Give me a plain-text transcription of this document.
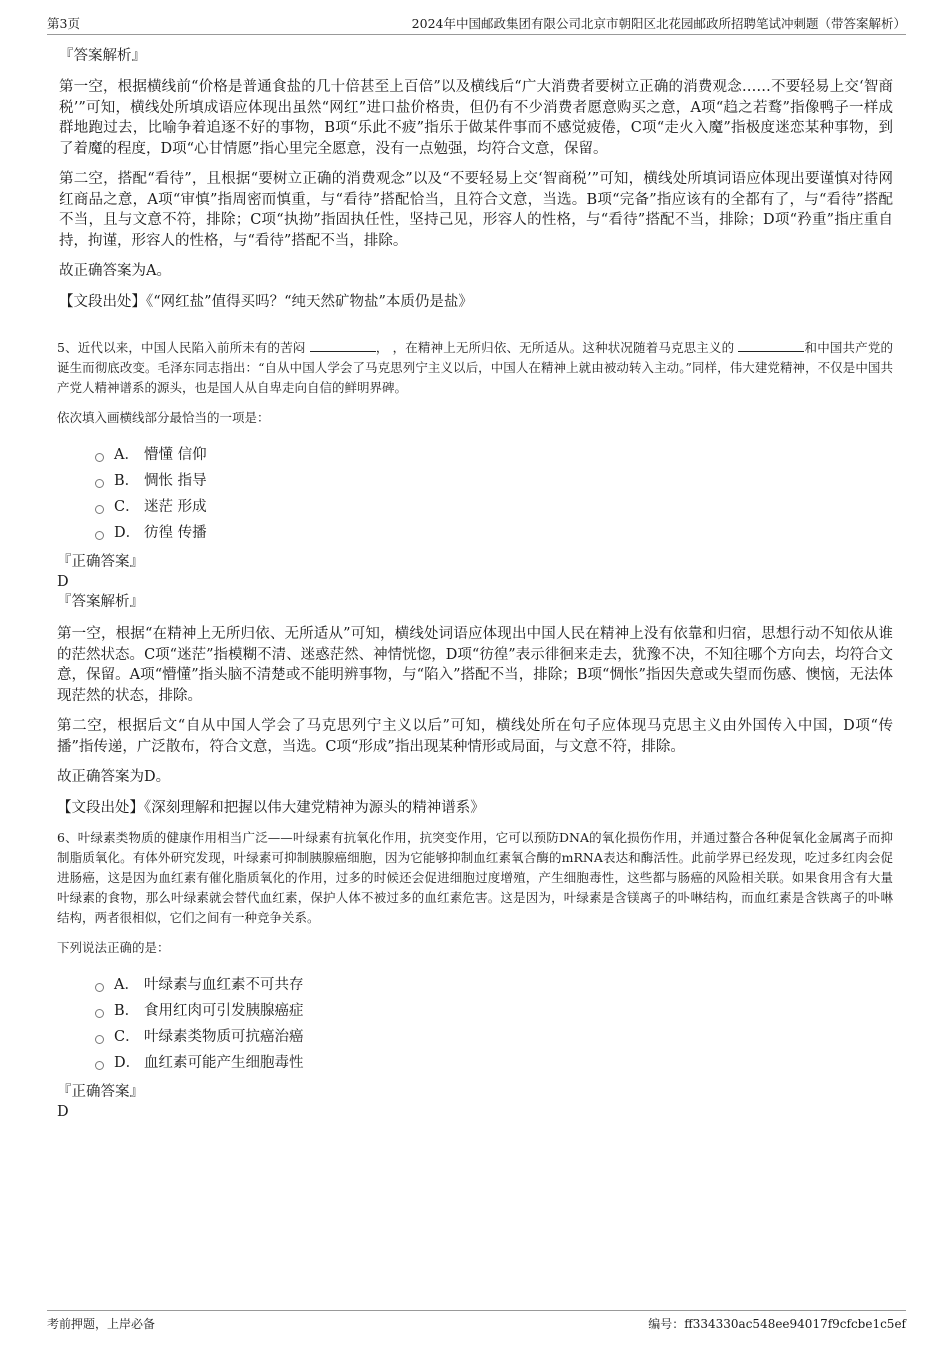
第3页	2024年中国邮政集团有限公司北京市朝阳区北花园邮政所招聘笔试冲刺题（带答案解析）

『答案解析』

第一空，根据横线前“价格是普通食盐的几十倍甚至上百倍”以及横线后“广大消费者要树立正确的消费观念……不要轻易上交‘智商税’”可知，横线处所填成语应体现出虽然“网红”进口盐价格贵，但仍有不少消费者愿意购买之意，A项“趋之若鹜”指像鸭子一样成群地跑过去，比喻争着追逐不好的事物，B项“乐此不疲”指乐于做某件事而不感觉疲倦，C项“走火入魔”指极度迷恋某种事物，到了着魔的程度，D项“心甘情愿”指心里完全愿意，没有一点勉强，均符合文意，保留。

第二空，搭配“看待”，且根据“要树立正确的消费观念”以及“不要轻易上交‘智商税’”可知，横线处所填词语应体现出要谨慎对待网红商品之意，A项“审慎”指周密而慎重，与“看待”搭配恰当，且符合文意，当选。B项“完备”指应该有的全都有了，与“看待”搭配不当，且与文意不符，排除；C项“执拗”指固执任性，坚持己见，形容人的性格，与“看待”搭配不当，排除；D项“矜重”指庄重自持，拘谨，形容人的性格，与“看待”搭配不当，排除。

故正确答案为A。

【文段出处】《“网红盐”值得买吗？“纯天然矿物盐”本质仍是盐》

5、近代以来，中国人民陷入前所未有的苦闷	， ，在精神上无所归依、无所适从。这种状况随着马克思主义的	和中国共产党的诞生而彻底改变。毛泽东同志指出：“自从中国人学会了马克思列宁主义以后，中国人在精神上就由被动转入主动。”同样，伟大建党精神，不仅是中国共产党人精神谱系的源头，也是国人从自卑走向自信的鲜明界碑。

依次填入画横线部分最恰当的一项是：

A． 懵懂 信仰
B． 惆怅 指导
C． 迷茫 形成
D． 彷徨 传播

『正确答案』

D

『答案解析』

第一空，根据“在精神上无所归依、无所适从”可知，横线处词语应体现出中国人民在精神上没有依靠和归宿，思想行动不知依从谁的茫然状态。C项“迷茫”指模糊不清、迷惑茫然、神情恍惚，D项“彷徨”表示徘徊来走去，犹豫不决，不知往哪个方向去，均符合文意，保留。A项“懵懂”指头脑不清楚或不能明辨事物，与“陷入”搭配不当，排除；B项“惆怅”指因失意或失望而伤感、懊恼，无法体现茫然的状态，排除。

第二空，根据后文“自从中国人学会了马克思列宁主义以后”可知，横线处所在句子应体现马克思主义由外国传入中国，D项“传播”指传递，广泛散布，符合文意，当选。C项“形成”指出现某种情形或局面，与文意不符，排除。

故正确答案为D。

【文段出处】《深刻理解和把握以伟大建党精神为源头的精神谱系》

6、叶绿素类物质的健康作用相当广泛——叶绿素有抗氧化作用，抗突变作用，它可以预防DNA的氧化损伤作用，并通过螯合各种促氧化金属离子而抑制脂质氧化。有体外研究发现，叶绿素可抑制胰腺癌细胞，因为它能够抑制血红素氧合酶的mRNA表达和酶活性。此前学界已经发现，吃过多红肉会促进肠癌，这是因为血红素有催化脂质氧化的作用，过多的时候还会促进细胞过度增殖，产生细胞毒性，这些都与肠癌的风险相关联。如果食用含有大量叶绿素的食物，那么叶绿素就会替代血红素，保护人体不被过多的血红素危害。这是因为，叶绿素是含镁离子的卟啉结构，而血红素是含铁离子的卟啉结构，两者很相似，它们之间有一种竞争关系。

下列说法正确的是：

A． 叶绿素与血红素不可共存
B． 食用红肉可引发胰腺癌症
C． 叶绿素类物质可抗癌治癌
D． 血红素可能产生细胞毒性

『正确答案』

D

考前押题，上岸必备	编号：ff334330ac548ee94017f9cfcbe1c5ef
